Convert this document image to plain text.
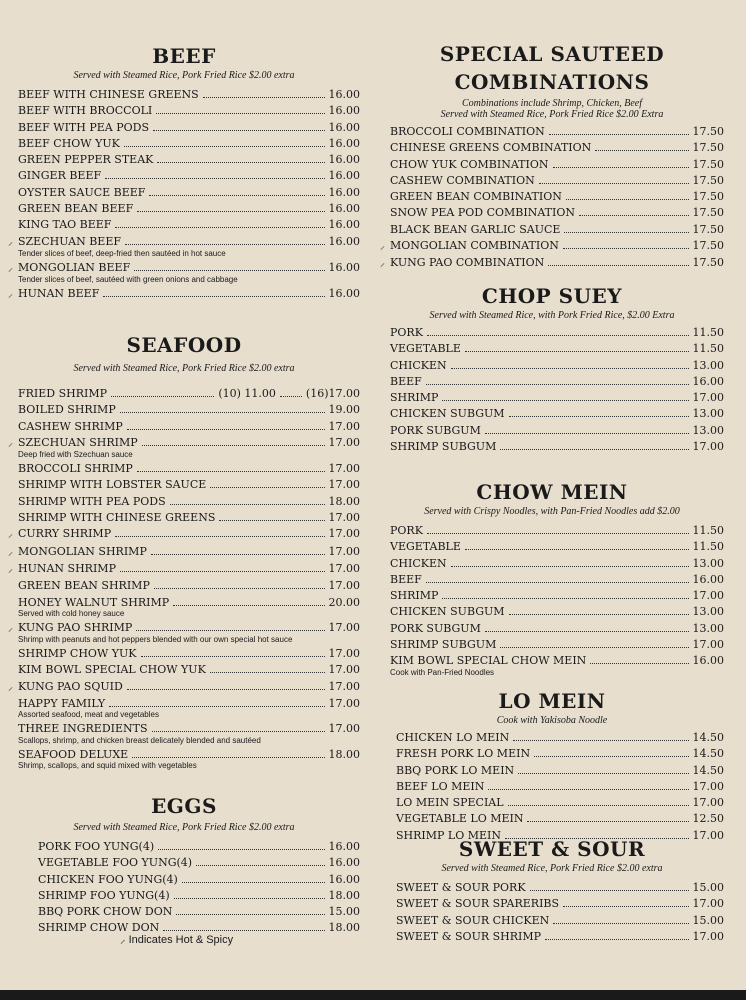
BEEF
Served with Steamed Rice, Pork Fried Rice $2.00 extra
BEEF WITH CHINESE GREENS	16.00
BEEF WITH BROCCOLI	16.00
BEEF WITH PEA PODS	16.00
BEEF CHOW YUK	16.00
GREEN PEPPER STEAK	16.00
GINGER BEEF	16.00
OYSTER SAUCE BEEF	16.00
GREEN BEAN BEEF	16.00
KING TAO BEEF	16.00
⸝ SZECHUAN BEEF	16.00
Tender slices of beef, deep-fried then sautéed in hot sauce
⸝ MONGOLIAN BEEF	16.00
Tender slices of beef, sautéed with green onions and cabbage
⸝ HUNAN BEEF	16.00
SEAFOOD
Served with Steamed Rice, Pork Fried Rice $2.00 extra
FRIED SHRIMP	(10) 11.00	(16)17.00
BOILED SHRIMP	19.00
CASHEW SHRIMP	17.00
⸝ SZECHUAN SHRIMP	17.00
Deep fried with Szechuan sauce
BROCCOLI SHRIMP	17.00
SHRIMP WITH LOBSTER SAUCE	17.00
SHRIMP WITH PEA PODS	18.00
SHRIMP WITH CHINESE GREENS	17.00
⸝ CURRY SHRIMP	17.00
⸝ MONGOLIAN SHRIMP	17.00
⸝ HUNAN SHRIMP	17.00
GREEN BEAN SHRIMP	17.00
HONEY WALNUT SHRIMP	20.00
Served with cold honey sauce
⸝ KUNG PAO SHRIMP	17.00
Shrimp with peanuts and hot peppers blended with our own special hot sauce
SHRIMP CHOW YUK	17.00
KIM BOWL SPECIAL CHOW YUK	17.00
⸝ KUNG PAO SQUID	17.00
HAPPY FAMILY	17.00
Assorted seafood, meat and vegetables
THREE INGREDIENTS	17.00
Scallops, shrimp, and chicken breast delicately blended and sautéed
SEAFOOD DELUXE	18.00
Shrimp, scallops, and squid mixed with vegetables
EGGS
Served with Steamed Rice, Pork Fried Rice $2.00 extra
PORK FOO YUNG(4)	16.00
VEGETABLE FOO YUNG(4)	16.00
CHICKEN FOO YUNG(4)	16.00
SHRIMP FOO YUNG(4)	18.00
BBQ PORK CHOW DON	15.00
SHRIMP CHOW DON	18.00
⸝ Indicates Hot & Spicy
SPECIAL SAUTEED
COMBINATIONS
Combinations include Shrimp, Chicken, Beef
Served with Steamed Rice, Pork Fried Rice $2.00 Extra
BROCCOLI COMBINATION	17.50
CHINESE GREENS COMBINATION	17.50
CHOW YUK COMBINATION	17.50
CASHEW COMBINATION	17.50
GREEN BEAN COMBINATION	17.50
SNOW PEA POD COMBINATION	17.50
BLACK BEAN GARLIC SAUCE	17.50
⸝ MONGOLIAN COMBINATION	17.50
⸝ KUNG PAO COMBINATION	17.50
CHOP SUEY
Served with Steamed Rice, with Pork Fried Rice, $2.00 Extra
PORK	11.50
VEGETABLE	11.50
CHICKEN	13.00
BEEF	16.00
SHRIMP	17.00
CHICKEN SUBGUM	13.00
PORK SUBGUM	13.00
SHRIMP SUBGUM	17.00
CHOW MEIN
Served with Crispy Noodles, with Pan-Fried Noodles add $2.00
PORK	11.50
VEGETABLE	11.50
CHICKEN	13.00
BEEF	16.00
SHRIMP	17.00
CHICKEN SUBGUM	13.00
PORK SUBGUM	13.00
SHRIMP SUBGUM	17.00
KIM BOWL SPECIAL CHOW MEIN	16.00
Cook with Pan-Fried Noodles
LO MEIN
Cook with Yakisoba Noodle
CHICKEN LO MEIN	14.50
FRESH PORK LO MEIN	14.50
BBQ PORK LO MEIN	14.50
BEEF LO MEIN	17.00
LO MEIN SPECIAL	17.00
VEGETABLE LO MEIN	12.50
SHRIMP LO MEIN	17.00
SWEET & SOUR
Served with Steamed Rice, Pork Fried Rice $2.00 extra
SWEET & SOUR PORK	15.00
SWEET & SOUR SPARERIBS	17.00
SWEET & SOUR CHICKEN	15.00
SWEET & SOUR SHRIMP	17.00
